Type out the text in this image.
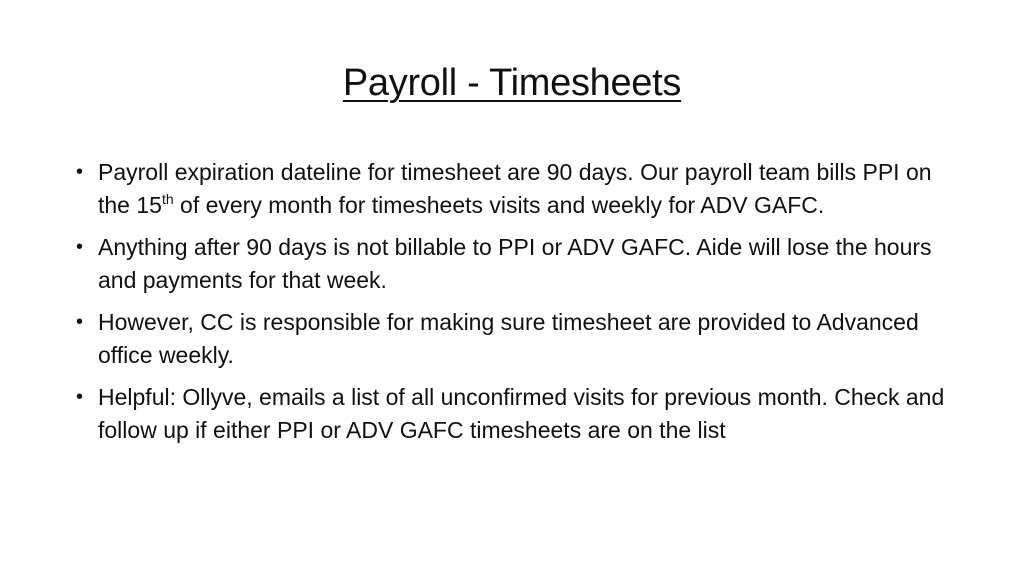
Payroll - Timesheets
• Payroll expiration dateline for timesheet are 90 days. Our payroll team bills PPI on the 15th of every month for timesheets visits and weekly for ADV GAFC.
• Anything after 90 days is not billable to PPI or ADV GAFC. Aide will lose the hours and payments for that week.
• However, CC is responsible for making sure timesheet are provided to Advanced office weekly.
• Helpful: Ollyve, emails a list of all unconfirmed visits for previous month. Check and follow up if either PPI or ADV GAFC timesheets are on the list
